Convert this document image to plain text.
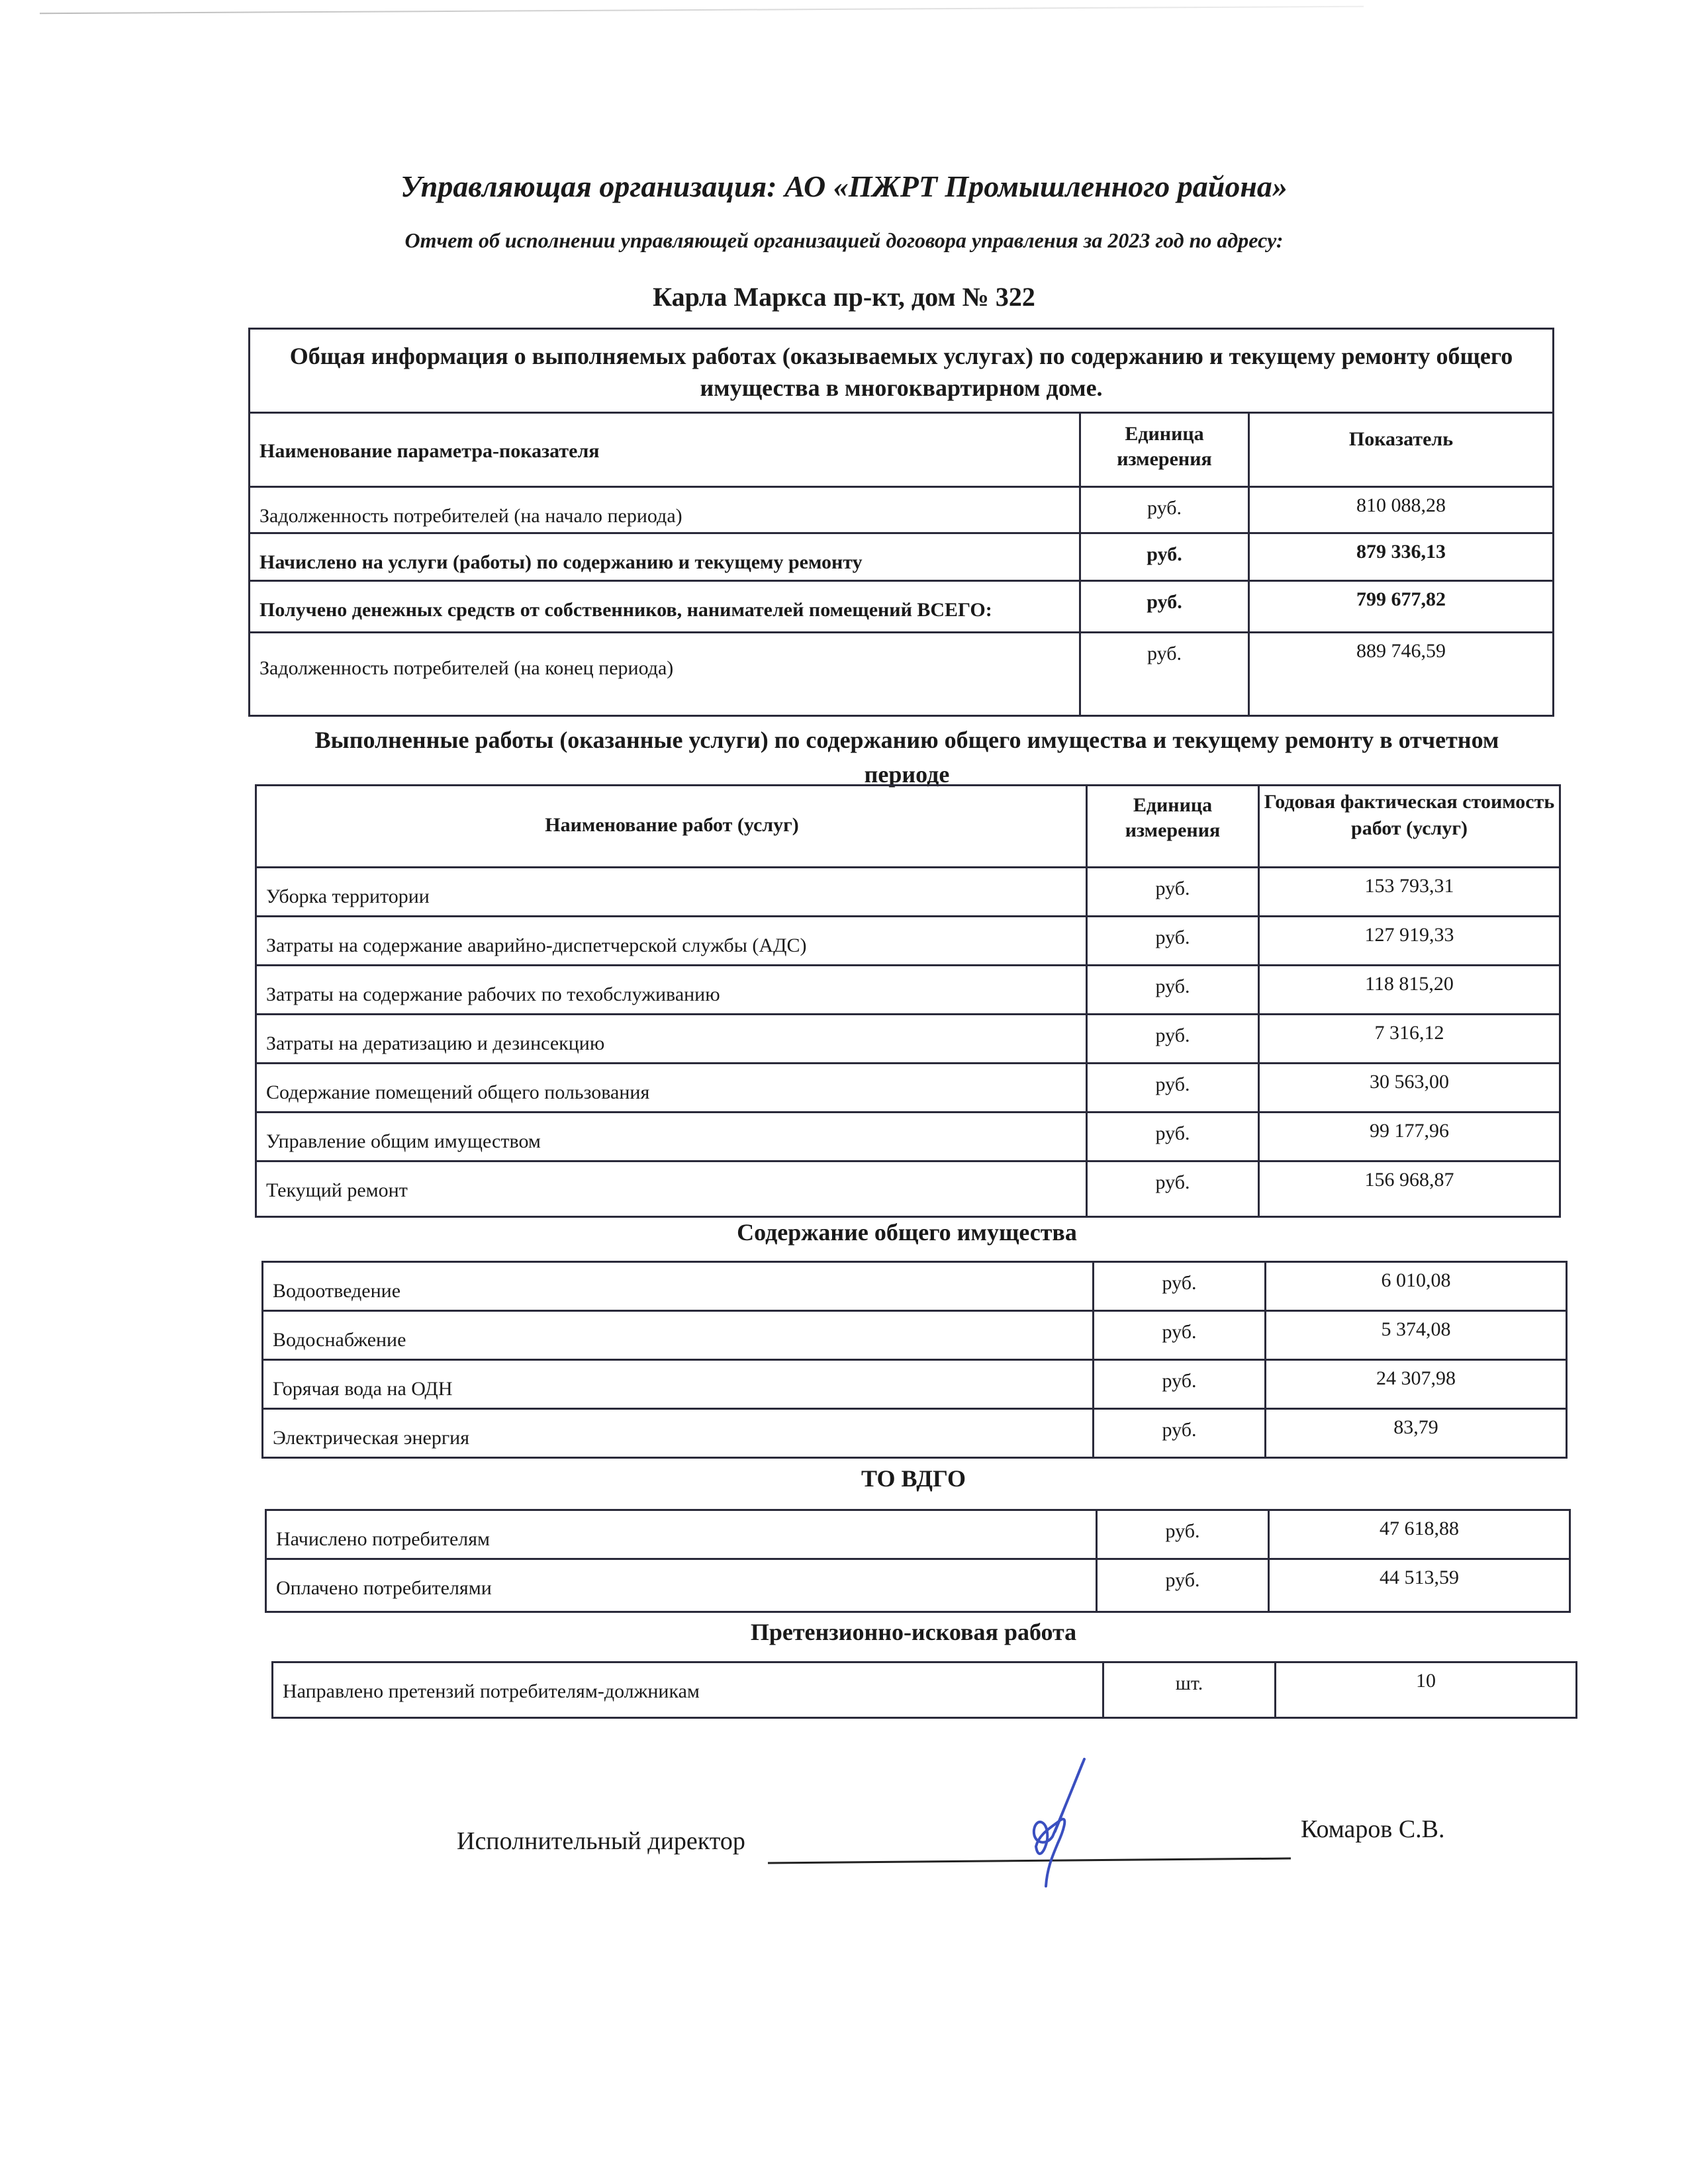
Управляющая организация: АО «ПЖРТ Промышленного района»
Отчет об исполнении управляющей организацией договора управления за 2023 год по адресу:
Карла Маркса пр-кт, дом № 322
Общая информация о выполняемых работах (оказываемых услугах) по содержанию и текущему ремонту общего имущества в многоквартирном доме.		
Наименование параметра-показателя	Единица измерения	Показатель
Задолженность потребителей (на начало периода)	руб.	810 088,28
Начислено на услуги (работы) по содержанию и текущему ремонту	руб.	879 336,13
Получено денежных средств от собственников, нанимателей помещений ВСЕГО:	руб.	799 677,82
Задолженность потребителей (на конец периода)	руб.	889 746,59
Выполненные работы (оказанные услуги) по содержанию общего имущества и текущему ремонту в отчетном периоде
Наименование работ (услуг)	Единица измерения	Годовая фактическая стоимость работ (услуг)
Уборка территории	руб.	153 793,31
Затраты на содержание аварийно-диспетчерской службы (АДС)	руб.	127 919,33
Затраты на содержание рабочих по техобслуживанию	руб.	118 815,20
Затраты на дератизацию и дезинсекцию	руб.	7 316,12
Содержание помещений общего пользования	руб.	30 563,00
Управление общим имуществом	руб.	99 177,96
Текущий ремонт	руб.	156 968,87
Содержание общего имущества
Водоотведение	руб.	6 010,08
Водоснабжение	руб.	5 374,08
Горячая вода на ОДН	руб.	24 307,98
Электрическая энергия	руб.	83,79
ТО ВДГО
Начислено потребителям	руб.	47 618,88
Оплачено потребителями	руб.	44 513,59
Претензионно-исковая работа
Направлено претензий потребителям-должникам	шт.	10
Исполнительный директор	Комаров С.В.
